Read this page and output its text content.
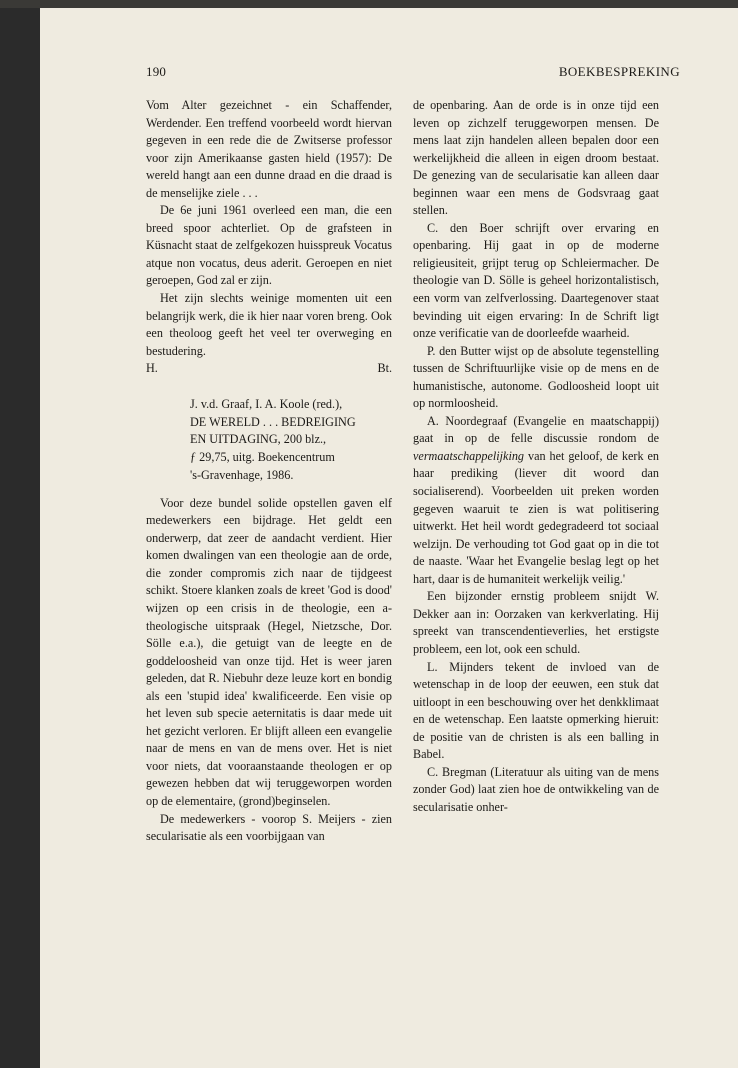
190	BOEKBESPREKING

Vom Alter gezeichnet - ein Schaffender, Werdender. Een treffend voorbeeld wordt hiervan gegeven in een rede die de Zwitserse professor voor zijn Amerikaanse gasten hield (1957): De wereld hangt aan een dunne draad en die draad is de menselijke ziele . . .

De 6e juni 1961 overleed een man, die een breed spoor achterliet. Op de grafsteen in Küsnacht staat de zelfgekozen huisspreuk Vocatus atque non vocatus, deus aderit. Geroepen en niet geroepen, God zal er zijn.

Het zijn slechts weinige momenten uit een belangrijk werk, die ik hier naar voren breng. Ook een theoloog geeft het veel ter overweging en bestudering.

H.	Bt.
J. v.d. Graaf, I. A. Koole (red.),
DE WERELD . . . BEDREIGING
EN UITDAGING, 200 blz.,
ƒ 29,75, uitg. Boekencentrum
's-Gravenhage, 1986.

Voor deze bundel solide opstellen gaven elf medewerkers een bijdrage. Het geldt een onderwerp, dat zeer de aandacht verdient. Hier komen dwalingen van een theologie aan de orde, die zonder compromis zich naar de tijdgeest schikt. Stoere klanken zoals de kreet 'God is dood' wijzen op een crisis in de theologie, een a-theologische uitspraak (Hegel, Nietzsche, Dor. Sölle e.a.), die getuigt van de leegte en de goddeloosheid van onze tijd. Het is weer jaren geleden, dat R. Niebuhr deze leuze kort en bondig als een 'stupid idea' kwalificeerde. Een visie op het leven sub specie aeternitatis is daar mede uit het gezicht verloren. Er blijft alleen een evangelie naar de mens en van de mens over. Het is niet voor niets, dat vooraanstaande theologen er op gewezen hebben dat wij teruggeworpen worden op de elementaire, (grond)beginselen.

De medewerkers - voorop S. Meijers - zien secularisatie als een voorbijgaan van

de openbaring. Aan de orde is in onze tijd een leven op zichzelf teruggeworpen mensen. De mens laat zijn handelen alleen bepalen door een werkelijkheid die alleen in eigen droom bestaat. De genezing van de secularisatie kan alleen daar beginnen waar een mens de Godsvraag gaat stellen.

C. den Boer schrijft over ervaring en openbaring. Hij gaat in op de moderne religieusiteit, grijpt terug op Schleiermacher. De theologie van D. Sölle is geheel horizontalistisch, een vorm van zelfverlossing. Daartegenover staat bevinding uit eigen ervaring: In de Schrift ligt onze verificatie van de doorleefde waarheid.

P. den Butter wijst op de absolute tegenstelling tussen de Schriftuurlijke visie op de mens en de humanistische, autonome. Godloosheid loopt uit op normloosheid.

A. Noordegraaf (Evangelie en maatschappij) gaat in op de felle discussie rondom de vermaatschappelijking van het geloof, de kerk en haar prediking (liever dit woord dan socialiserend). Voorbeelden uit preken worden gegeven waaruit te zien is wat politisering uitwerkt. Het heil wordt gedegradeerd tot sociaal welzijn. De verhouding tot God gaat op in die tot de naaste. 'Waar het Evangelie beslag legt op het hart, daar is de humaniteit werkelijk veilig.'

Een bijzonder ernstig probleem snijdt W. Dekker aan in: Oorzaken van kerkverlating. Hij spreekt van transcendentieverlies, het erstigste probleem, een lot, ook een schuld.

L. Mijnders tekent de invloed van de wetenschap in de loop der eeuwen, een stuk dat uitloopt in een beschouwing over het denkklimaat en de wetenschap. Een laatste opmerking hieruit: de positie van de christen is als een balling in Babel.

C. Bregman (Literatuur als uiting van de mens zonder God) laat zien hoe de ontwikkeling van de secularisatie onher-
